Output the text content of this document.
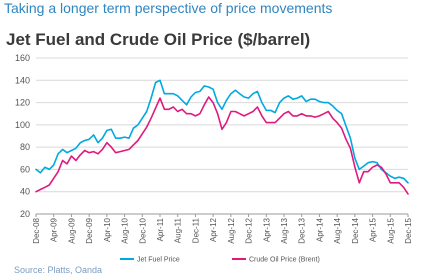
Taking a longer term perspective of price movements
Jet Fuel and Crude Oil Price ($/barrel)
20
40
60
80
100
120
140
160
Dec-08 Apr-09 Aug-09 Dec-09 Apr-10 Aug-10 Dec-10 Apr-11 Aug-11 Dec-11 Apr-12 Aug-12 Dec-12 Apr-13 Aug-13 Dec-13 Apr-14 Aug-14 Dec-14 Apr-15 Aug-15 Dec-15
Jet Fuel Price	Crude Oil Price (Brent)
Source: Platts, Oanda
